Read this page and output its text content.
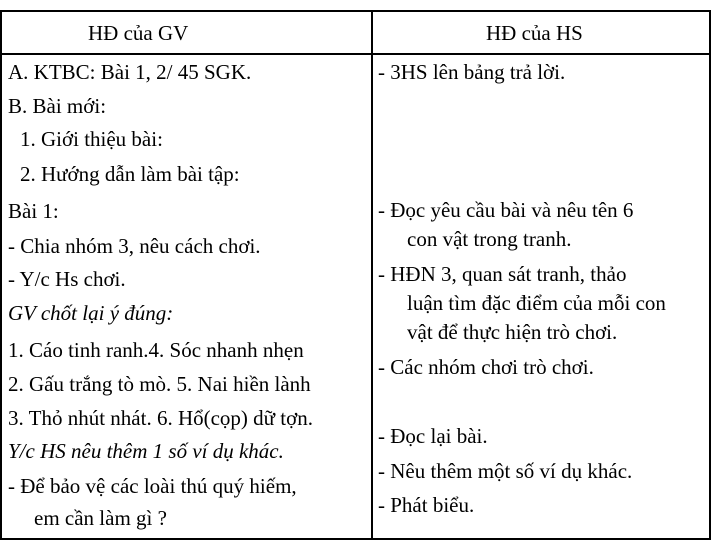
HĐ của GV	HĐ của HS
A. KTBC: Bài 1, 2/ 45 SGK.
B. Bài mới:
1. Giới thiệu bài:
2. Hướng dẫn làm bài tập:
Bài 1:
- Chia nhóm 3, nêu cách chơi.
- Y/c Hs chơi.
GV chốt lại ý đúng:
1. Cáo tinh ranh.4. Sóc nhanh nhẹn
2. Gấu trắng tò mò. 5. Nai hiền lành
3. Thỏ nhút nhát. 6. Hổ(cọp) dữ tợn.
Y/c HS nêu thêm 1 số ví dụ khác.
- Để bảo vệ các loài thú quý hiếm,
em cần làm gì ?
- 3HS lên bảng trả lời.
- Đọc yêu cầu bài và nêu tên 6
con vật trong tranh.
- HĐN 3, quan sát tranh, thảo
luận tìm đặc điểm của mỗi con
vật để thực hiện trò chơi.
- Các nhóm chơi trò chơi.
- Đọc lại bài.
- Nêu thêm một số ví dụ khác.
- Phát biểu.
